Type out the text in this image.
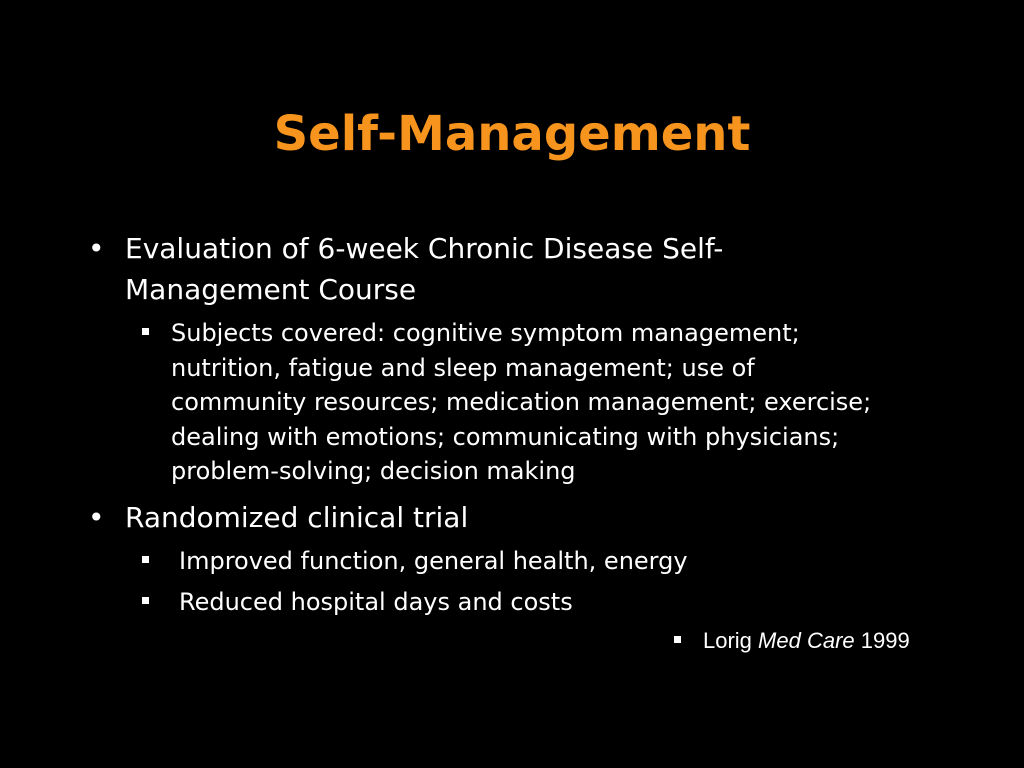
Self-Management
• Evaluation of 6-week Chronic Disease Self-
Management Course
Subjects covered: cognitive symptom management;
nutrition, fatigue and sleep management; use of
community resources; medication management; exercise;
dealing with emotions; communicating with physicians;
problem-solving; decision making
• Randomized clinical trial
Improved function, general health, energy
Reduced hospital days and costs
Lorig Med Care 1999
